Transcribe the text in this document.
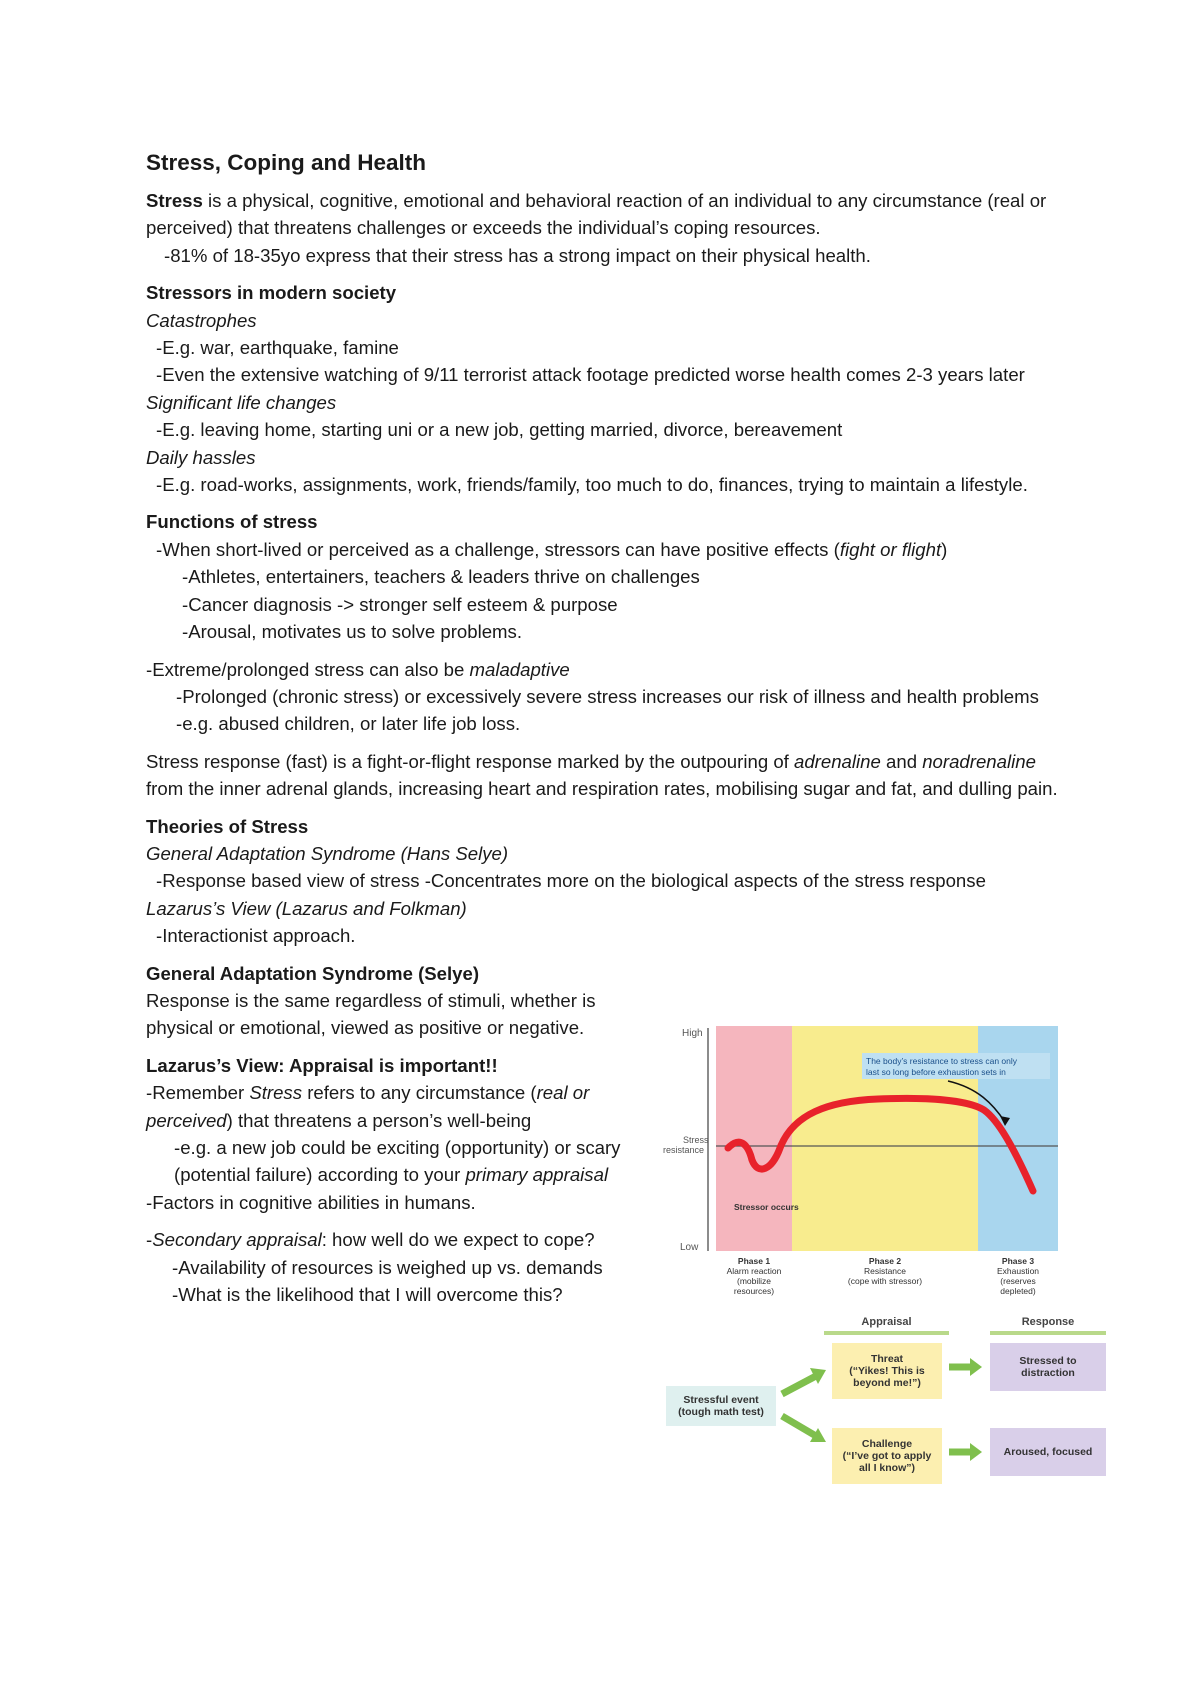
Stress, Coping and Health

Stress is a physical, cognitive, emotional and behavioral reaction of an individual to any circumstance (real or perceived) that threatens challenges or exceeds the individual’s coping resources.

-81% of 18-35yo express that their stress has a strong impact on their physical health.

Stressors in modern society

Catastrophes

-E.g. war, earthquake, famine

-Even the extensive watching of 9/11 terrorist attack footage predicted worse health comes 2-3 years later

Significant life changes

-E.g. leaving home, starting uni or a new job, getting married, divorce, bereavement

Daily hassles

-E.g. road-works, assignments, work, friends/family, too much to do, finances, trying to maintain a lifestyle.

Functions of stress

-When short-lived or perceived as a challenge, stressors can have positive effects (fight or flight)

-Athletes, entertainers, teachers & leaders thrive on challenges

-Cancer diagnosis -> stronger self esteem & purpose

-Arousal, motivates us to solve problems.

-Extreme/prolonged stress can also be maladaptive

-Prolonged (chronic stress) or excessively severe stress increases our risk of illness and health problems

-e.g. abused children, or later life job loss.

Stress response (fast) is a fight-or-flight response marked by the outpouring of adrenaline and noradrenaline from the inner adrenal glands, increasing heart and respiration rates, mobilising sugar and fat, and dulling pain.

Theories of Stress

General Adaptation Syndrome (Hans Selye)

-Response based view of stress -Concentrates more on the biological aspects of the stress response

Lazarus’s View (Lazarus and Folkman)

-Interactionist approach.

General Adaptation Syndrome (Selye)

Response is the same regardless of stimuli, whether is physical or emotional, viewed as positive or negative.

Lazarus’s View: Appraisal is important!!

-Remember Stress refers to any circumstance (real or perceived) that threatens a person’s well-being

-e.g. a new job could be exciting (opportunity) or scary (potential failure) according to your primary appraisal

-Factors in cognitive abilities in humans.

-Secondary appraisal: how well do we expect to cope?

-Availability of resources is weighed up vs. demands

-What is the likelihood that I will overcome this?

High
Low
Stress
resistance
The body’s resistance to stress can only
last so long before exhaustion sets in
Stressor occurs
Phase 1
Alarm reaction
(mobilize
resources)
Phase 2
Resistance
(cope with stressor)
Phase 3
Exhaustion
(reserves
depleted)
Appraisal	Response
Stressful event
(tough math test)
Threat
(“Yikes! This is
beyond me!”)
Challenge
(“I’ve got to apply
all I know”)
Stressed to
distraction
Aroused, focused
